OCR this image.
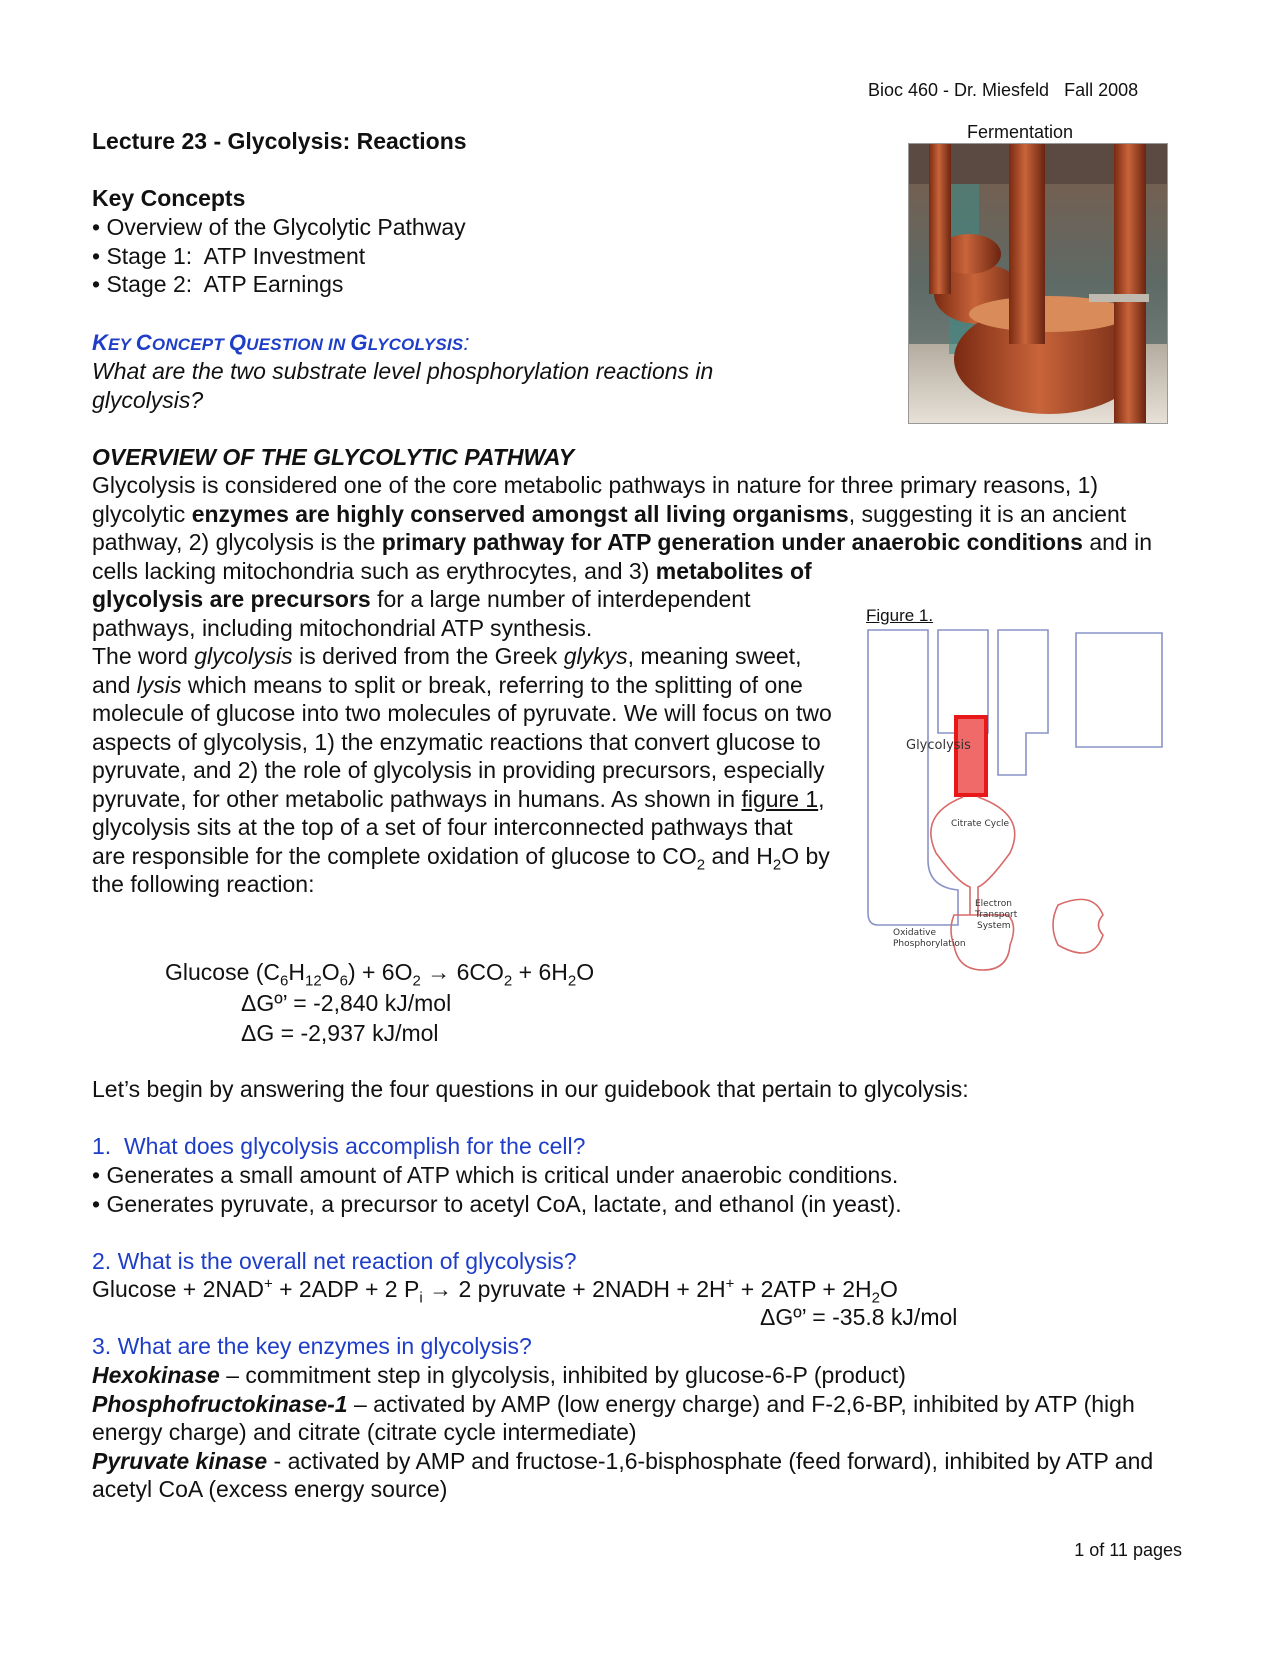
Bioc 460 - Dr. Miesfeld   Fall 2008
Lecture 23 - Glycolysis: Reactions
Key Concepts
• Overview of the Glycolytic Pathway
• Stage 1:  ATP Investment
• Stage 2:  ATP Earnings
KEY CONCEPT QUESTION IN GLYCOLYSIS:
What are the two substrate level phosphorylation reactions in glycolysis?
Fermentation
OVERVIEW OF THE GLYCOLYTIC PATHWAY
Glycolysis is considered one of the core metabolic pathways in nature for three primary reasons, 1) glycolytic enzymes are highly conserved amongst all living organisms, suggesting it is an ancient pathway, 2) glycolysis is the primary pathway for ATP generation under anaerobic conditions and in cells lacking mitochondria such as erythrocytes, and 3) metabolites of
glycolysis are precursors for a large number of interdependent pathways, including mitochondrial ATP synthesis.
The word glycolysis is derived from the Greek glykys, meaning sweet, and lysis which means to split or break, referring to the splitting of one molecule of glucose into two molecules of pyruvate. We will focus on two aspects of glycolysis, 1) the enzymatic reactions that convert glucose to pyruvate, and 2) the role of glycolysis in providing precursors, especially pyruvate, for other metabolic pathways in humans. As shown in figure 1, glycolysis sits at the top of a set of four interconnected pathways that are responsible for the complete oxidation of glucose to $CO_2$ and $H_2O$ by the following reaction:
Figure 1.
Glycolysis
Citrate Cycle
Electron
Transport
System
Oxidative
Phosphorylation
Glucose $(C_6H_{12}O_6) + 6O_2 \to 6CO_2 + 6H_2O$
ΔGº’ = -2,840 kJ/mol
ΔG = -2,937 kJ/mol
Let’s begin by answering the four questions in our guidebook that pertain to glycolysis:
1.  What does glycolysis accomplish for the cell?
• Generates a small amount of ATP which is critical under anaerobic conditions.
• Generates pyruvate, a precursor to acetyl CoA, lactate, and ethanol (in yeast).
2. What is the overall net reaction of glycolysis?
Glucose + 2NAD+ + 2ADP + 2 $P_i \to 2$ pyruvate + 2NADH + $2H^+ + 2ATP + 2H_2O$
ΔGº’ = -35.8 kJ/mol
3. What are the key enzymes in glycolysis?
Hexokinase – commitment step in glycolysis, inhibited by glucose-6-P (product)
Phosphofructokinase-1 – activated by AMP (low energy charge) and F-2,6-BP, inhibited by ATP (high energy charge) and citrate (citrate cycle intermediate)
Pyruvate kinase - activated by AMP and fructose-1,6-bisphosphate (feed forward), inhibited by ATP and acetyl CoA (excess energy source)
1 of 11 pages
